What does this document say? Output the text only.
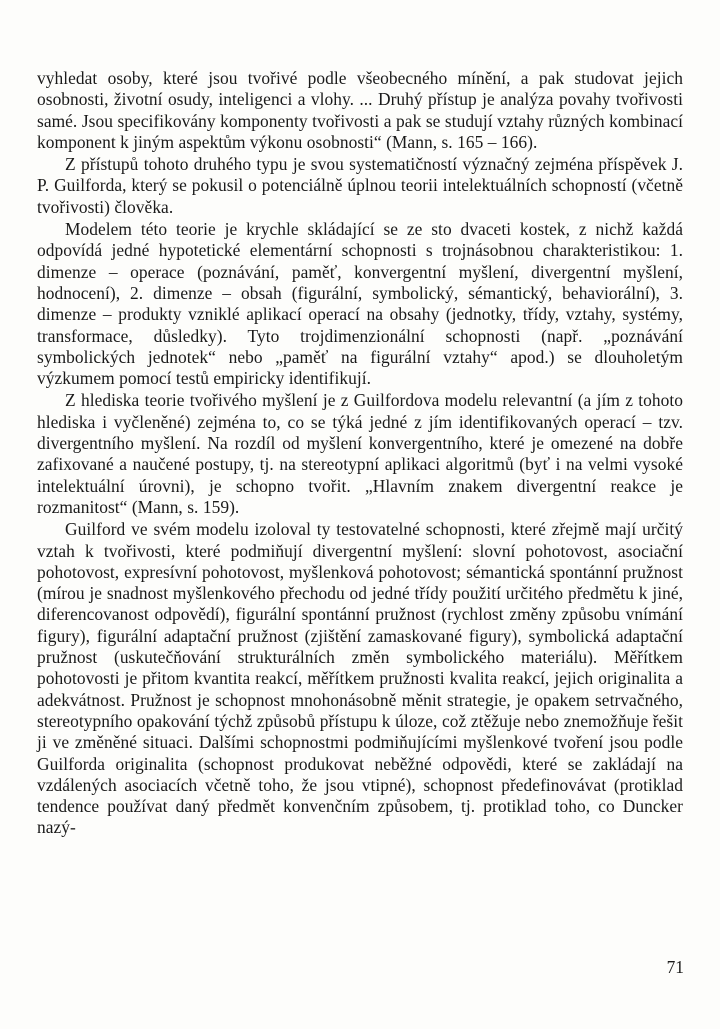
vyhledat osoby, které jsou tvořivé podle všeobecného mínění, a pak studovat jejich osobnosti, životní osudy, inteligenci a vlohy. ... Druhý přístup je analýza povahy tvořivosti samé. Jsou specifikovány komponenty tvořivosti a pak se studují vztahy různých kombinací komponent k jiným aspektům výkonu osobnosti“ (Mann, s. 165 – 166).

Z přístupů tohoto druhého typu je svou systematičností význačný zejména příspěvek J. P. Guilforda, který se pokusil o potenciálně úplnou teorii intelektuálních schopností (včetně tvořivosti) člověka.

Modelem této teorie je krychle skládající se ze sto dvaceti kostek, z nichž každá odpovídá jedné hypotetické elementární schopnosti s trojnásobnou charakteristikou: 1. dimenze – operace (poznávání, paměť, konvergentní myšlení, divergentní myšlení, hodnocení), 2. dimenze – obsah (figurální, symbolický, sémantický, behaviorální), 3. dimenze – produkty vzniklé aplikací operací na obsahy (jednotky, třídy, vztahy, systémy, transformace, důsledky). Tyto trojdimenzionální schopnosti (např. „poznávání symbolických jednotek“ nebo „paměť na figurální vztahy“ apod.) se dlouholetým výzkumem pomocí testů empiricky identifikují.

Z hlediska teorie tvořivého myšlení je z Guilfordova modelu relevantní (a jím z tohoto hlediska i vyčleněné) zejména to, co se týká jedné z jím identifikovaných operací – tzv. divergentního myšlení. Na rozdíl od myšlení konvergentního, které je omezené na dobře zafixované a naučené postupy, tj. na stereotypní aplikaci algoritmů (byť i na velmi vysoké intelektuální úrovni), je schopno tvořit. „Hlavním znakem divergentní reakce je rozmanitost“ (Mann, s. 159).

Guilford ve svém modelu izoloval ty testovatelné schopnosti, které zřejmě mají určitý vztah k tvořivosti, které podmiňují divergentní myšlení: slovní pohotovost, asociační pohotovost, expresívní pohotovost, myšlenková pohotovost; sémantická spontánní pružnost (mírou je snadnost myšlenkového přechodu od jedné třídy použití určitého předmětu k jiné, diferencovanost odpovědí), figurální spontánní pružnost (rychlost změny způsobu vnímání figury), figurální adaptační pružnost (zjištění zamaskované figury), symbolická adaptační pružnost (uskutečňování strukturálních změn symbolického materiálu). Měřítkem pohotovosti je přitom kvantita reakcí, měřítkem pružnosti kvalita reakcí, jejich originalita a adekvátnost. Pružnost je schopnost mnohonásobně měnit strategie, je opakem setrvačného, stereotypního opakování týchž způsobů přístupu k úloze, což ztěžuje nebo znemožňuje řešit ji ve změněné situaci. Dalšími schopnostmi podmiňujícími myšlenkové tvoření jsou podle Guilforda originalita (schopnost produkovat neběžné odpovědi, které se zakládají na vzdálených asociacích včetně toho, že jsou vtipné), schopnost předefinovávat (protiklad tendence používat daný předmět konvenčním způsobem, tj. protiklad toho, co Duncker nazý-

71
